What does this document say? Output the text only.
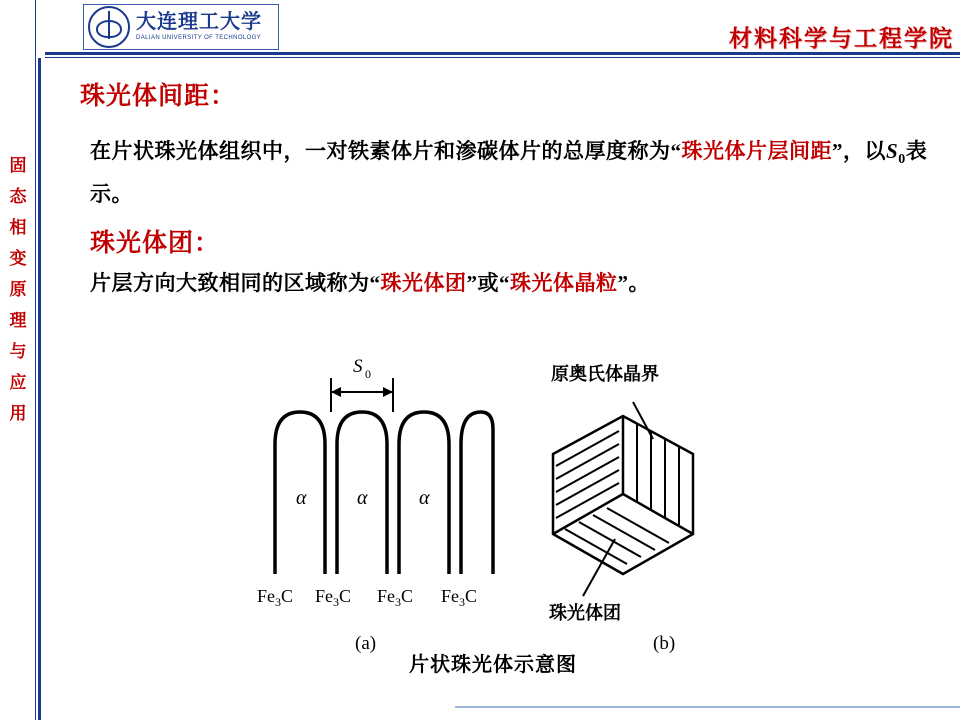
固
态
相
变
原
理
与
应
用
大连理工大学
DALIAN UNIVERSITY OF TECHNOLOGY	材料科学与工程学院
珠光体间距：
在片状珠光体组织中，一对铁素体片和渗碳体片的总厚度称为“珠光体片层间距”，以$S_0$表示。
珠光体团：
片层方向大致相同的区域称为“珠光体团”或“珠光体晶粒”。
S 0
α	α	α
$Fe_3C$ $Fe_3C$ $Fe_3C$ $Fe_3C$
(a)
原奥氏体晶界
珠光体团
(b)
片状珠光体示意图
